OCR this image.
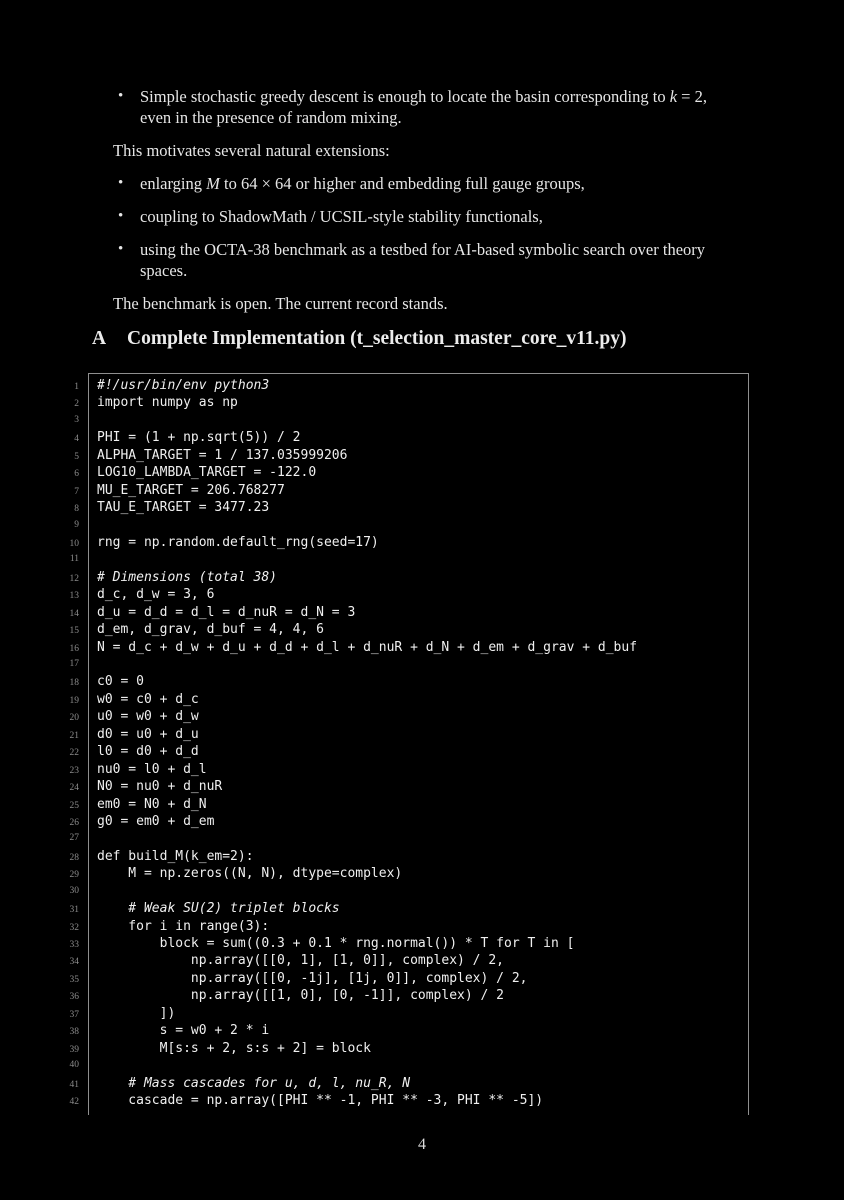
•	Simple stochastic greedy descent is enough to locate the basin corresponding to k = 2,
even in the presence of random mixing.

This motivates several natural extensions:

•	enlarging M to 64 × 64 or higher and embedding full gauge groups,
•	coupling to ShadowMath / UCSIL-style stability functionals,
•	using the OCTA-38 benchmark as a testbed for AI-based symbolic search over theory
spaces.

The benchmark is open. The current record stands.

A Complete Implementation (t_selection_master_core_v11.py)
1	#!/usr/bin/env python3
2	import numpy as np
3
4	PHI = (1 + np.sqrt(5)) / 2
5	ALPHA_TARGET = 1 / 137.035999206
6	LOG10_LAMBDA_TARGET = -122.0
7	MU_E_TARGET = 206.768277
8	TAU_E_TARGET = 3477.23
9
10	rng = np.random.default_rng(seed=17)
11
12	# Dimensions (total 38)
13	d_c, d_w = 3, 6
14	d_u = d_d = d_l = d_nuR = d_N = 3
15	d_em, d_grav, d_buf = 4, 4, 6
16	N = d_c + d_w + d_u + d_d + d_l + d_nuR + d_N + d_em + d_grav + d_buf
17
18	c0 = 0
19	w0 = c0 + d_c
20	u0 = w0 + d_w
21	d0 = u0 + d_u
22	l0 = d0 + d_d
23	nu0 = l0 + d_l
24	N0 = nu0 + d_nuR
25	em0 = N0 + d_N
26	g0 = em0 + d_em
27
28	def build_M(k_em=2):
29	M = np.zeros((N, N), dtype=complex)
30
31	# Weak SU(2) triplet blocks
32	for i in range(3):
33	block = sum((0.3 + 0.1 * rng.normal()) * T for T in [
34	np.array([[0, 1], [1, 0]], complex) / 2,
35	np.array([[0, -1j], [1j, 0]], complex) / 2,
36	np.array([[1, 0], [0, -1]], complex) / 2
37	])
38	s = w0 + 2 * i
39	M[s:s + 2, s:s + 2] = block
40
41	# Mass cascades for u, d, l, nu_R, N
42	cascade = np.array([PHI ** -1, PHI ** -3, PHI ** -5])
4
